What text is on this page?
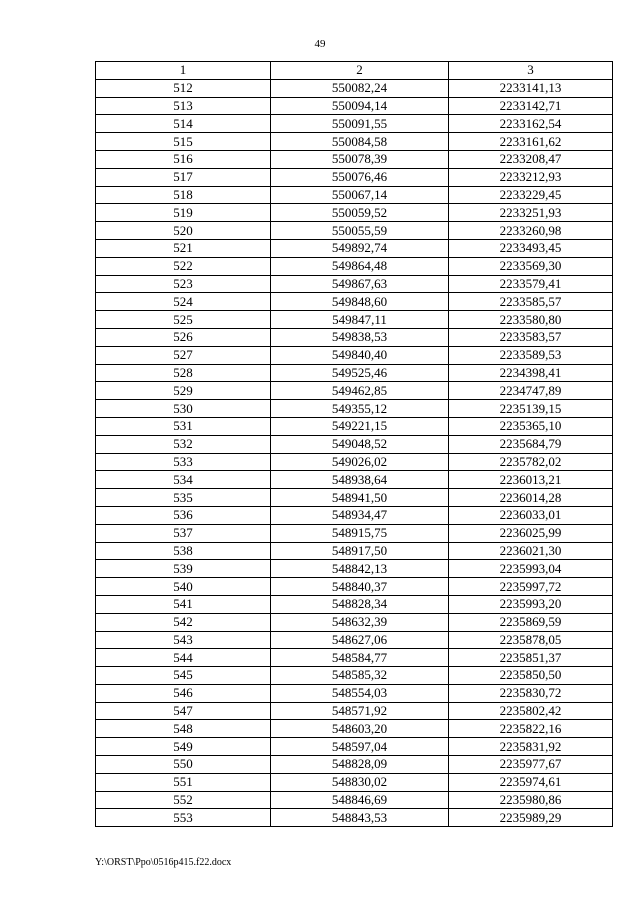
49
1	2	3
512	550082,24	2233141,13
513	550094,14	2233142,71
514	550091,55	2233162,54
515	550084,58	2233161,62
516	550078,39	2233208,47
517	550076,46	2233212,93
518	550067,14	2233229,45
519	550059,52	2233251,93
520	550055,59	2233260,98
521	549892,74	2233493,45
522	549864,48	2233569,30
523	549867,63	2233579,41
524	549848,60	2233585,57
525	549847,11	2233580,80
526	549838,53	2233583,57
527	549840,40	2233589,53
528	549525,46	2234398,41
529	549462,85	2234747,89
530	549355,12	2235139,15
531	549221,15	2235365,10
532	549048,52	2235684,79
533	549026,02	2235782,02
534	548938,64	2236013,21
535	548941,50	2236014,28
536	548934,47	2236033,01
537	548915,75	2236025,99
538	548917,50	2236021,30
539	548842,13	2235993,04
540	548840,37	2235997,72
541	548828,34	2235993,20
542	548632,39	2235869,59
543	548627,06	2235878,05
544	548584,77	2235851,37
545	548585,32	2235850,50
546	548554,03	2235830,72
547	548571,92	2235802,42
548	548603,20	2235822,16
549	548597,04	2235831,92
550	548828,09	2235977,67
551	548830,02	2235974,61
552	548846,69	2235980,86
553	548843,53	2235989,29
Y:\ORST\Ppo\0516p415.f22.docx
